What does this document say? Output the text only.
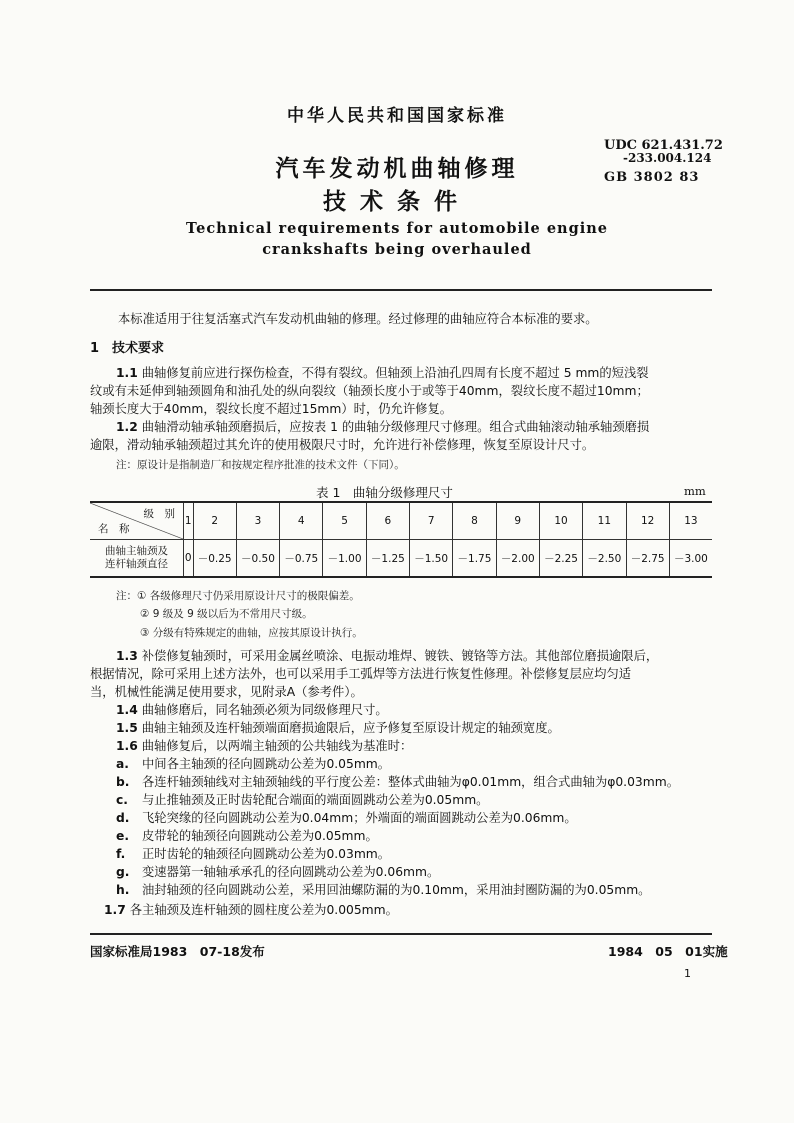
中华人民共和国国家标准
UDC 621.431.72
-233.004.124
GB 3802 83
汽车发动机曲轴修理
技术条件
Technical requirements for automobile engine
crankshafts being overhauled
本标准适用于往复活塞式汽车发动机曲轴的修理。经过修理的曲轴应符合本标准的要求。
1　技术要求
1.1 曲轴修复前应进行探伤检查，不得有裂纹。但轴颈上沿油孔四周有长度不超过 5 mm的短浅裂
纹或有未延伸到轴颈圆角和油孔处的纵向裂纹（轴颈长度小于或等于40mm，裂纹长度不超过10mm；
轴颈长度大于40mm，裂纹长度不超过15mm）时，仍允许修复。
1.2 曲轴滑动轴承轴颈磨损后，应按表 1 的曲轴分级修理尺寸修理。组合式曲轴滚动轴承轴颈磨损
逾限，滑动轴承轴颈超过其允许的使用极限尺寸时，允许进行补偿修理，恢复至原设计尺寸。
注：原设计是指制造厂和按规定程序批准的技术文件（下同）。
表 1　曲轴分级修理尺寸	mm
级　别
名　称	1	2	3	4	5	6	7	8	9	10	11	12	13

曲轴主轴颈及
连杆轴颈直径	0	－0.25	－0.50	－0.75	－1.00	－1.25	－1.50	－1.75	－2.00	－2.25	－2.50	－2.75	－3.00
注：① 各级修理尺寸仍采用原设计尺寸的极限偏差。
② 9 级及 9 级以后为不常用尺寸级。
③ 分级有特殊规定的曲轴，应按其原设计执行。
1.3 补偿修复轴颈时，可采用金属丝喷涂、电振动堆焊、镀铁、镀铬等方法。其他部位磨损逾限后，
根据情况，除可采用上述方法外，也可以采用手工弧焊等方法进行恢复性修理。补偿修复层应均匀适
当，机械性能满足使用要求，见附录A（参考件）。
1.4 曲轴修磨后，同名轴颈必须为同级修理尺寸。
1.5 曲轴主轴颈及连杆轴颈端面磨损逾限后，应予修复至原设计规定的轴颈宽度。
1.6 曲轴修复后，以两端主轴颈的公共轴线为基准时：
a. 中间各主轴颈的径向圆跳动公差为0.05mm。
b. 各连杆轴颈轴线对主轴颈轴线的平行度公差：整体式曲轴为φ0.01mm，组合式曲轴为φ0.03mm。
c. 与止推轴颈及正时齿轮配合端面的端面圆跳动公差为0.05mm。
d. 飞轮突缘的径向圆跳动公差为0.04mm；外端面的端面圆跳动公差为0.06mm。
e. 皮带轮的轴颈径向圆跳动公差为0.05mm。
f. 正时齿轮的轴颈径向圆跳动公差为0.03mm。
g. 变速器第一轴轴承承孔的径向圆跳动公差为0.06mm。
h. 油封轴颈的径向圆跳动公差，采用回油螺防漏的为0.10mm，采用油封圈防漏的为0.05mm。
1.7 各主轴颈及连杆轴颈的圆柱度公差为0.005mm。
国家标准局1983　07-18发布	1984　05　01实施
1
